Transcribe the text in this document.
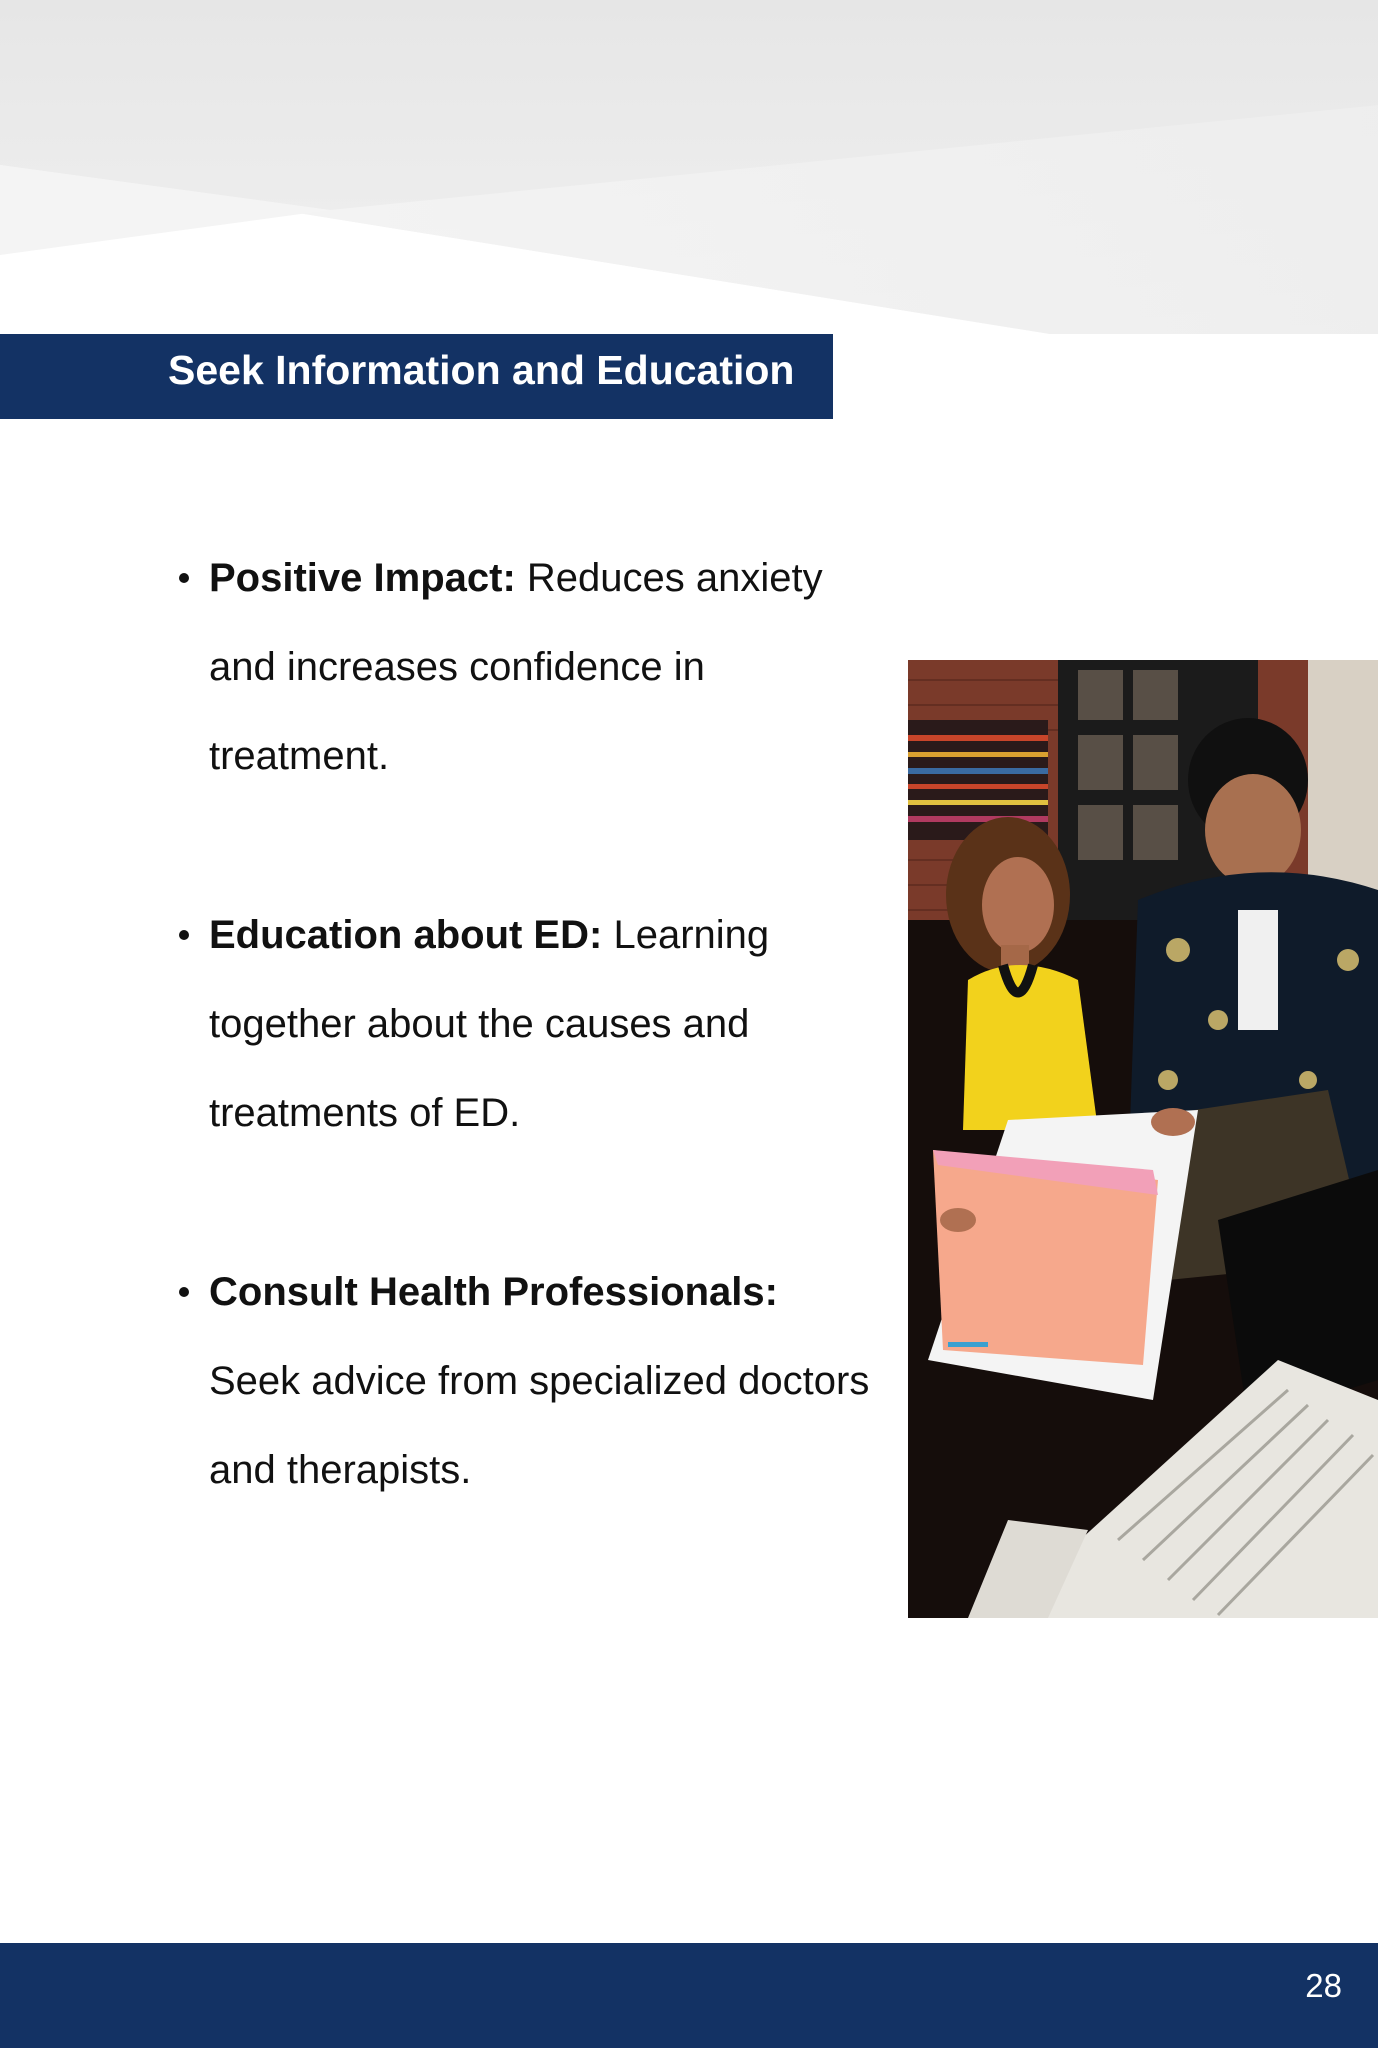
Seek Information and Education
Positive Impact: Reduces anxiety and increases confidence in treatment.
Education about ED: Learning together about the causes and treatments of ED.
Consult Health Professionals: Seek advice from specialized doctors and therapists.
28
